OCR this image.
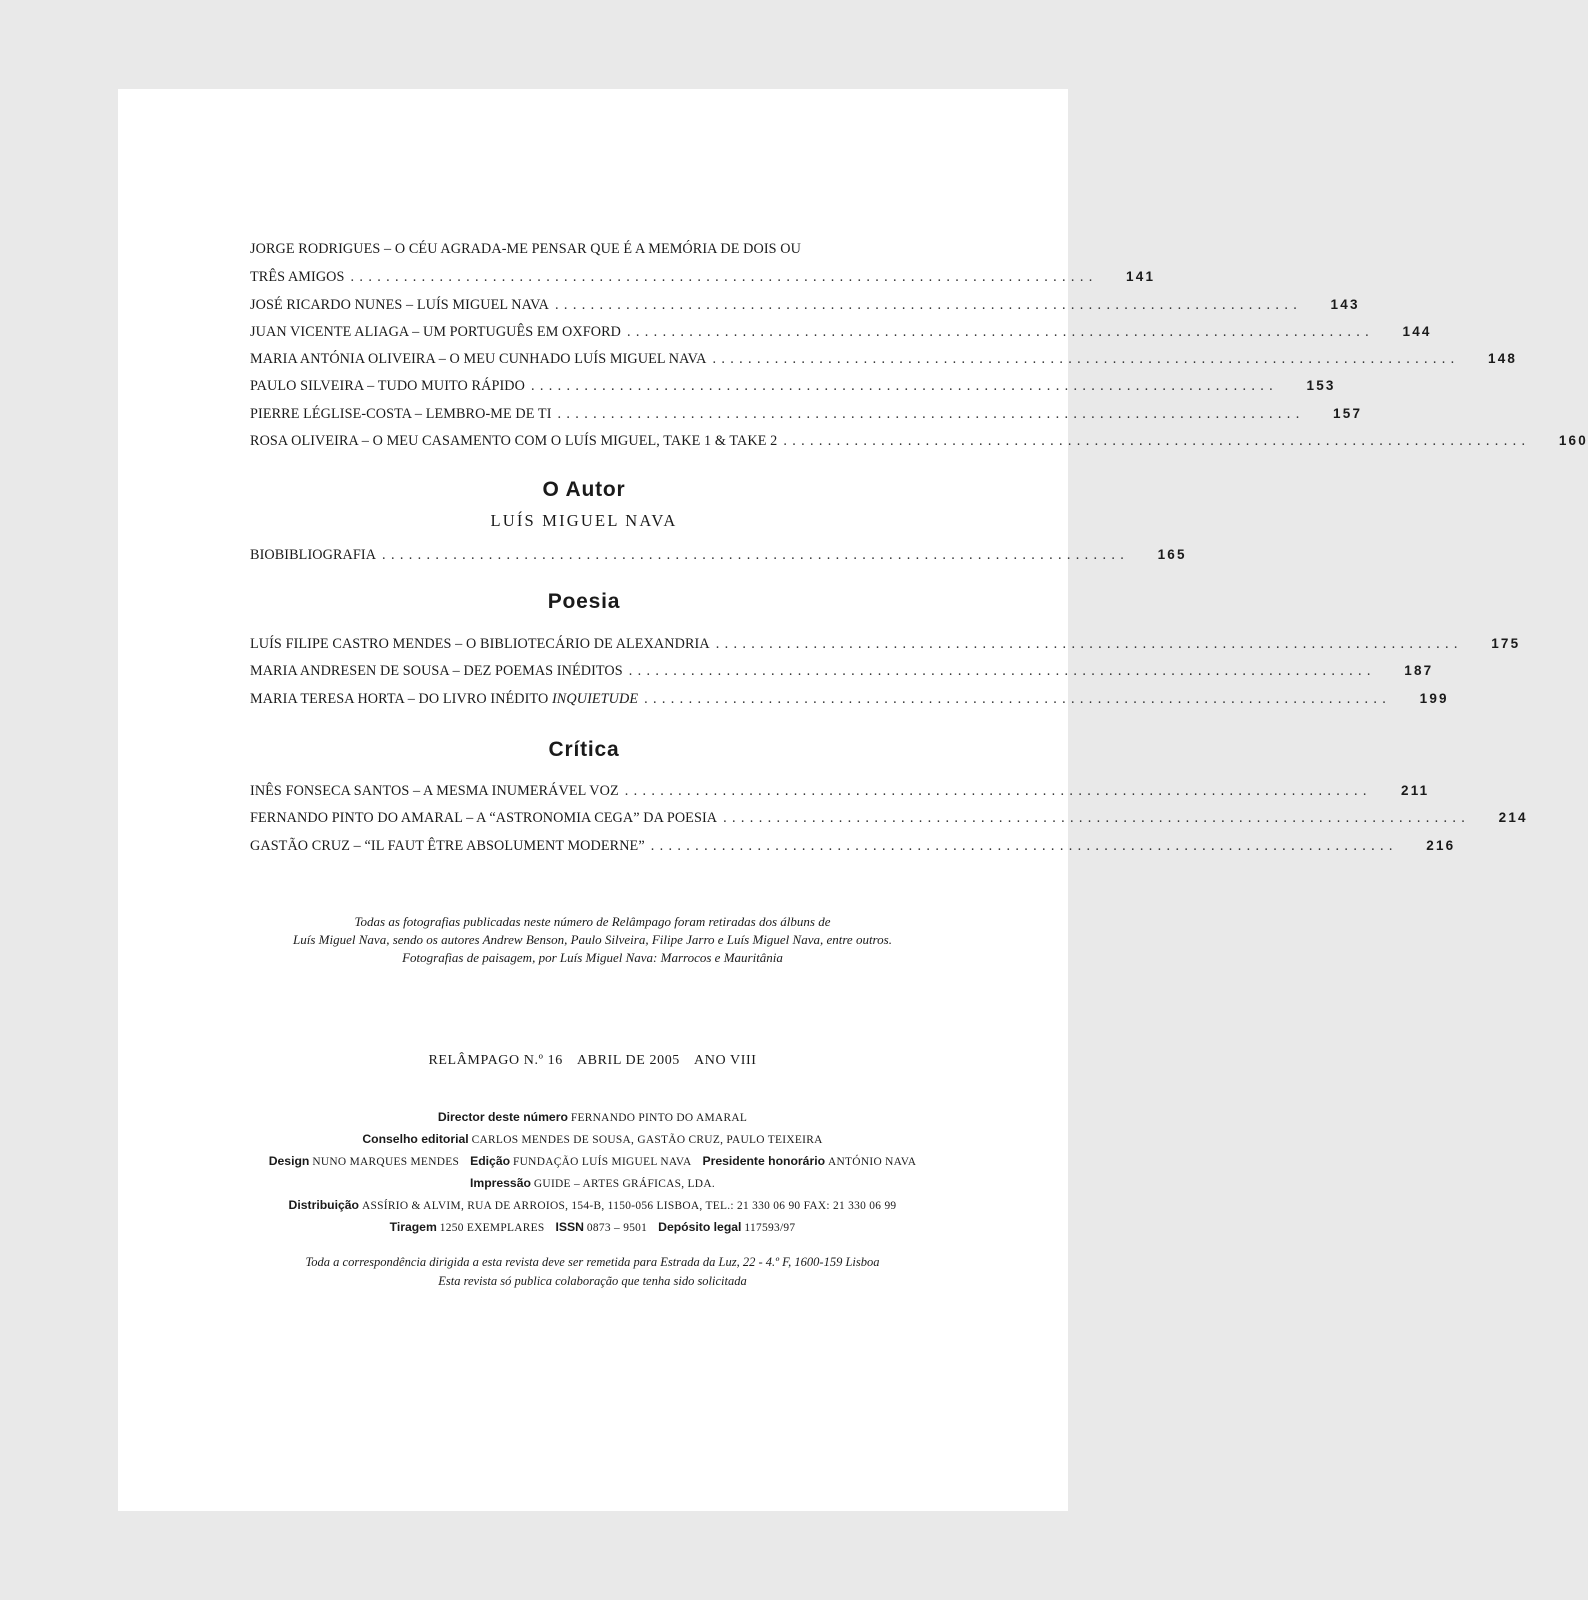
JORGE RODRIGUES – O CÉU AGRADA-ME PENSAR QUE É A MEMÓRIA DE DOIS OU
TRÊS AMIGOS . . .	141
JOSÉ RICARDO NUNES – LUÍS MIGUEL NAVA . . .	143
JUAN VICENTE ALIAGA – UM PORTUGUÊS EM OXFORD . . .	144
MARIA ANTÓNIA OLIVEIRA – O MEU CUNHADO LUÍS MIGUEL NAVA . . .	148
PAULO SILVEIRA – TUDO MUITO RÁPIDO . . .	153
PIERRE LÉGLISE-COSTA – LEMBRO-ME DE TI . . .	157
ROSA OLIVEIRA – O MEU CASAMENTO COM O LUÍS MIGUEL, TAKE 1 & TAKE 2 . . .	160
O Autor
LUÍS MIGUEL NAVA
BIOBIBLIOGRAFIA . . .	165
Poesia
LUÍS FILIPE CASTRO MENDES – O BIBLIOTECÁRIO DE ALEXANDRIA . . .	175
MARIA ANDRESEN DE SOUSA – DEZ POEMAS INÉDITOS . . .	187
MARIA TERESA HORTA – DO LIVRO INÉDITO INQUIETUDE . . .	199
Crítica
INÊS FONSECA SANTOS – A MESMA INUMERÁVEL VOZ . . .	211
FERNANDO PINTO DO AMARAL – A “ASTRONOMIA CEGA” DA POESIA . . .	214
GASTÃO CRUZ – “IL FAUT ÊTRE ABSOLUMENT MODERNE” . . .	216
Todas as fotografias publicadas neste número de Relâmpago foram retiradas dos álbuns de
Luís Miguel Nava, sendo os autores Andrew Benson, Paulo Silveira, Filipe Jarro e Luís Miguel Nava, entre outros.
Fotografias de paisagem, por Luís Miguel Nava: Marrocos e Mauritânia
RELÂMPAGO N.º 16 ABRIL DE 2005 ANO VIII
Director deste número FERNANDO PINTO DO AMARAL
Conselho editorial CARLOS MENDES DE SOUSA, GASTÃO CRUZ, PAULO TEIXEIRA
Design NUNO MARQUES MENDES Edição FUNDAÇÃO LUÍS MIGUEL NAVA Presidente honorário ANTÓNIO NAVA
Impressão GUIDE – ARTES GRÁFICAS, LDA.
Distribuição ASSÍRIO & ALVIM, RUA DE ARROIOS, 154-B, 1150-056 LISBOA, TEL.: 21 330 06 90 FAX: 21 330 06 99
Tiragem 1250 EXEMPLARES ISSN 0873 – 9501 Depósito legal 117593/97
Toda a correspondência dirigida a esta revista deve ser remetida para Estrada da Luz, 22 - 4.º F, 1600-159 Lisboa
Esta revista só publica colaboração que tenha sido solicitada
